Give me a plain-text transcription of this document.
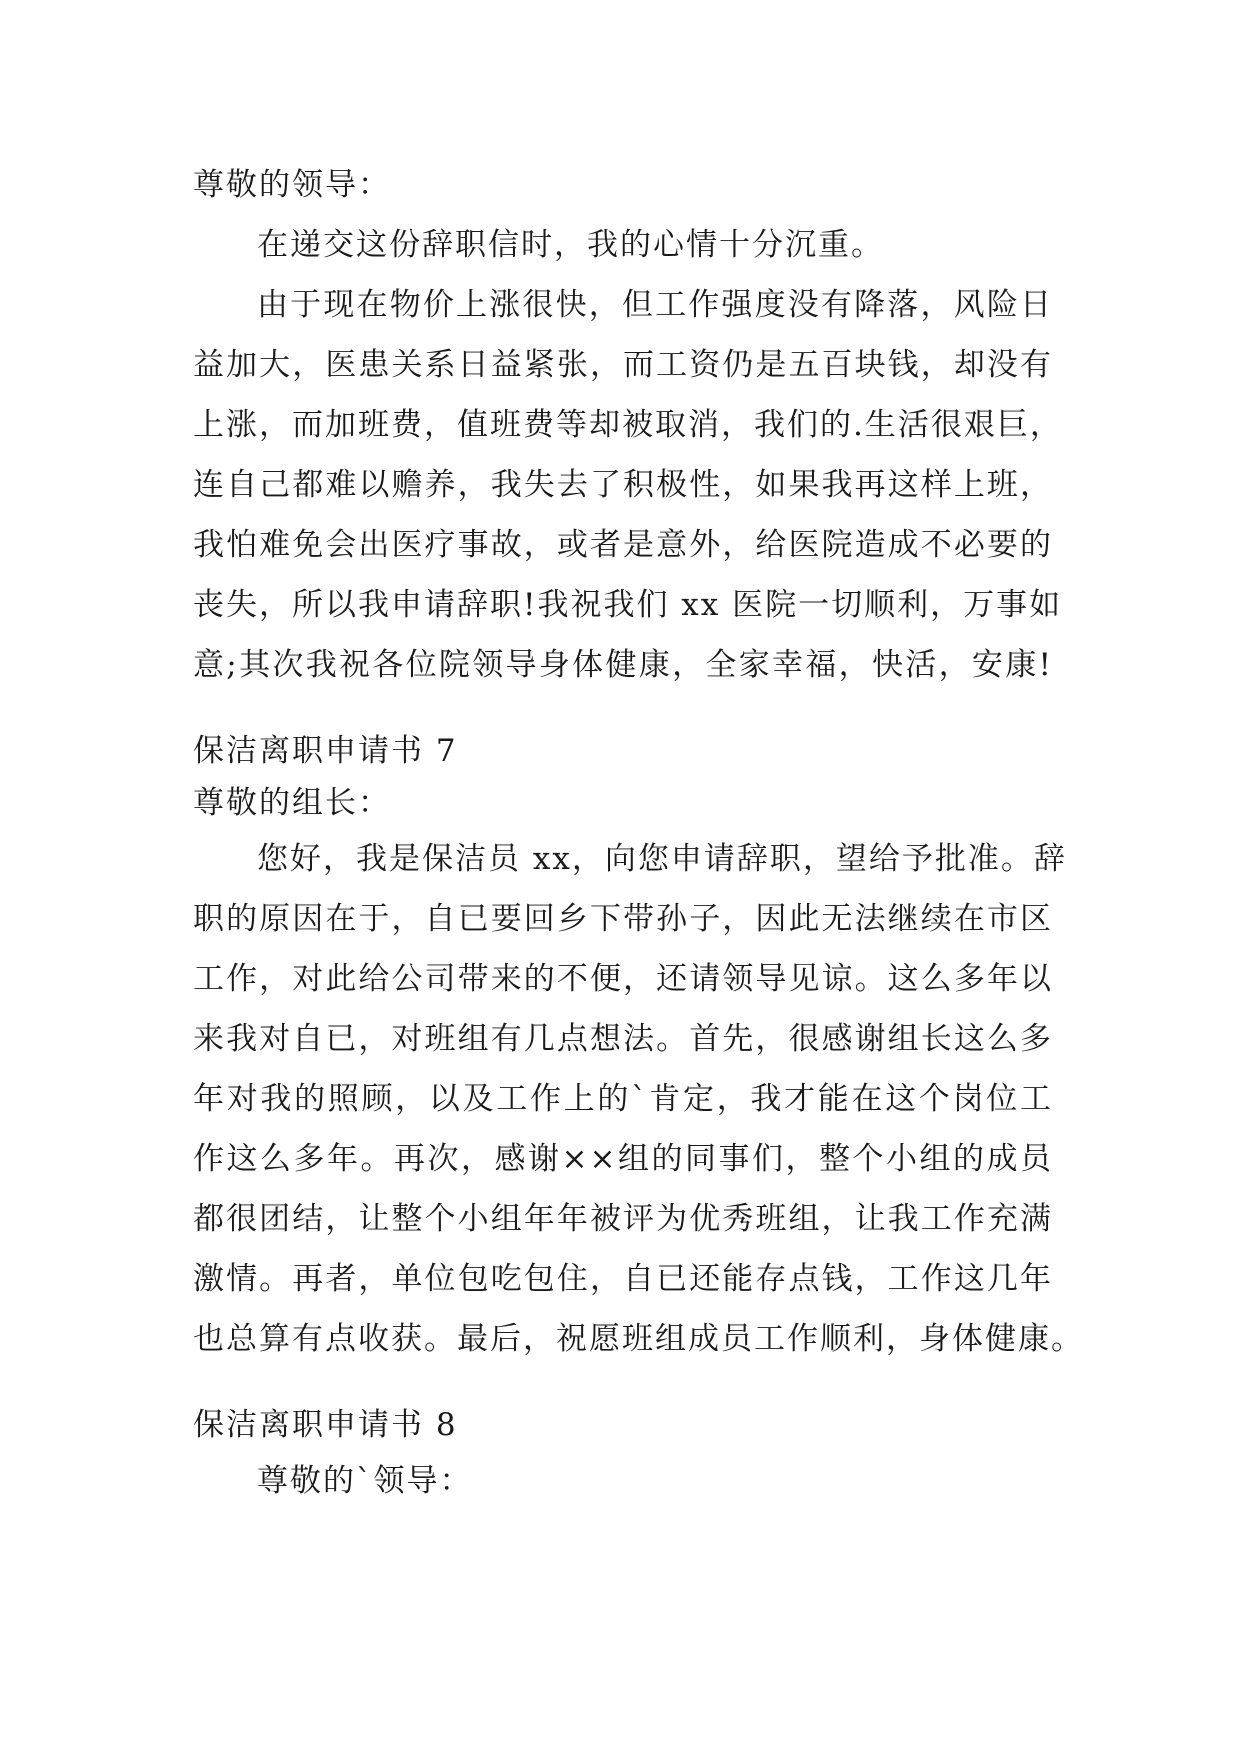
尊敬的领导：
在递交这份辞职信时，我的心情十分沉重。
由于现在物价上涨很快，但工作强度没有降落，风险日
益加大，医患关系日益紧张，而工资仍是五百块钱，却没有
上涨，而加班费，值班费等却被取消，我们的.生活很艰巨，
连自己都难以赡养，我失去了积极性，如果我再这样上班，
我怕难免会出医疗事故，或者是意外，给医院造成不必要的
丧失，所以我申请辞职!我祝我们 xx 医院一切顺利，万事如
意;其次我祝各位院领导身体健康，全家幸福，快活，安康!
保洁离职申请书 7
尊敬的组长：
您好，我是保洁员 xx，向您申请辞职，望给予批准。辞
职的原因在于，自已要回乡下带孙子，因此无法继续在市区
工作，对此给公司带来的不便，还请领导见谅。这么多年以
来我对自已，对班组有几点想法。首先，很感谢组长这么多
年对我的照顾，以及工作上的`肯定，我才能在这个岗位工
作这么多年。再次，感谢××组的同事们，整个小组的成员
都很团结，让整个小组年年被评为优秀班组，让我工作充满
激情。再者，单位包吃包住，自已还能存点钱，工作这几年
也总算有点收获。最后，祝愿班组成员工作顺利，身体健康。
保洁离职申请书 8
尊敬的`领导：
